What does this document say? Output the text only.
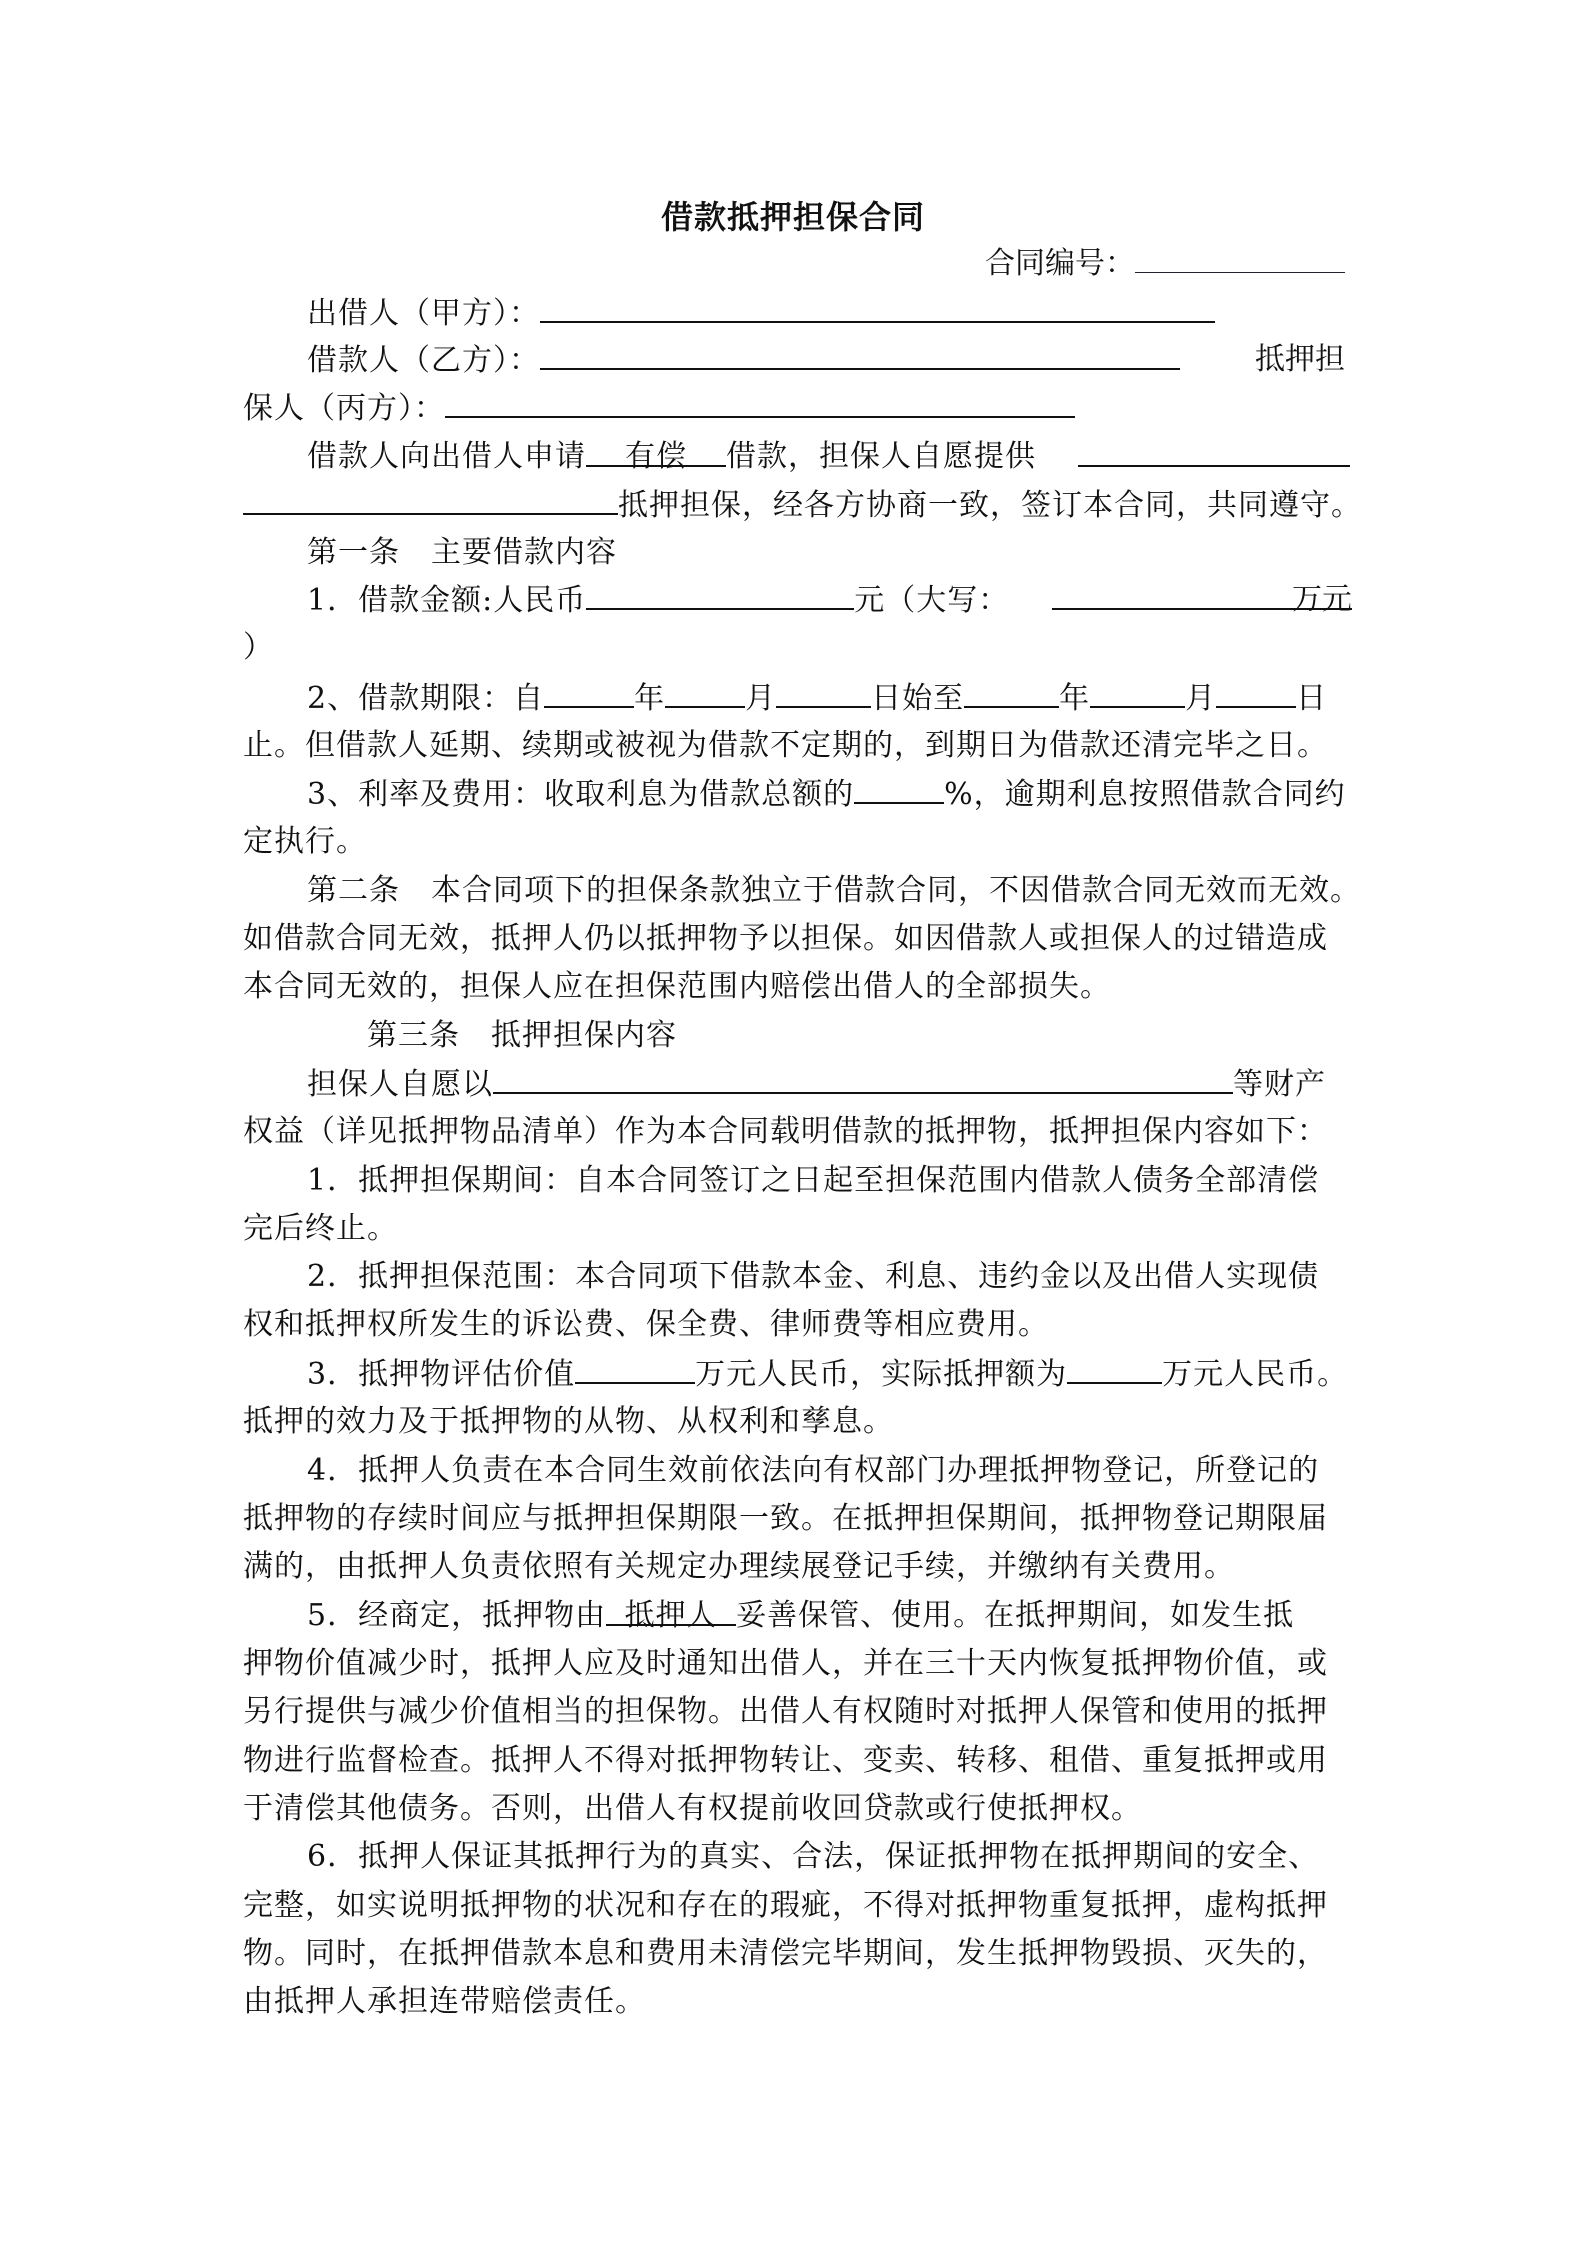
借款抵押担保合同
合同编号：
出借人（甲方）：
借款人（乙方）：	抵押担
保人（丙方）：
借款人向出借人申请 有偿 借款，担保人自愿提供
抵押担保，经各方协商一致，签订本合同，共同遵守。
第一条　主要借款内容
1．借款金额:人民币	元（大写：	万元
）
2、借款期限：自	年	月	日始至	年	月	日
止。但借款人延期、续期或被视为借款不定期的，到期日为借款还清完毕之日。
3、利率及费用：收取利息为借款总额的	%，逾期利息按照借款合同约
定执行。
第二条　本合同项下的担保条款独立于借款合同，不因借款合同无效而无效。
如借款合同无效，抵押人仍以抵押物予以担保。如因借款人或担保人的过错造成
本合同无效的，担保人应在担保范围内赔偿出借人的全部损失。
第三条　抵押担保内容
担保人自愿以	等财产
权益（详见抵押物品清单）作为本合同载明借款的抵押物，抵押担保内容如下：
1．抵押担保期间：自本合同签订之日起至担保范围内借款人债务全部清偿
完后终止。
2．抵押担保范围：本合同项下借款本金、利息、违约金以及出借人实现债
权和抵押权所发生的诉讼费、保全费、律师费等相应费用。
3．抵押物评估价值	万元人民币，实际抵押额为	万元人民币。
抵押的效力及于抵押物的从物、从权利和孳息。
4．抵押人负责在本合同生效前依法向有权部门办理抵押物登记，所登记的
抵押物的存续时间应与抵押担保期限一致。在抵押担保期间，抵押物登记期限届
满的，由抵押人负责依照有关规定办理续展登记手续，并缴纳有关费用。
5．经商定，抵押物由 抵押人 妥善保管、使用。在抵押期间，如发生抵
押物价值减少时，抵押人应及时通知出借人，并在三十天内恢复抵押物价值，或
另行提供与减少价值相当的担保物。出借人有权随时对抵押人保管和使用的抵押
物进行监督检查。抵押人不得对抵押物转让、变卖、转移、租借、重复抵押或用
于清偿其他债务。否则，出借人有权提前收回贷款或行使抵押权。
6．抵押人保证其抵押行为的真实、合法，保证抵押物在抵押期间的安全、
完整，如实说明抵押物的状况和存在的瑕疵，不得对抵押物重复抵押，虚构抵押
物。同时，在抵押借款本息和费用未清偿完毕期间，发生抵押物毁损、灭失的，
由抵押人承担连带赔偿责任。
